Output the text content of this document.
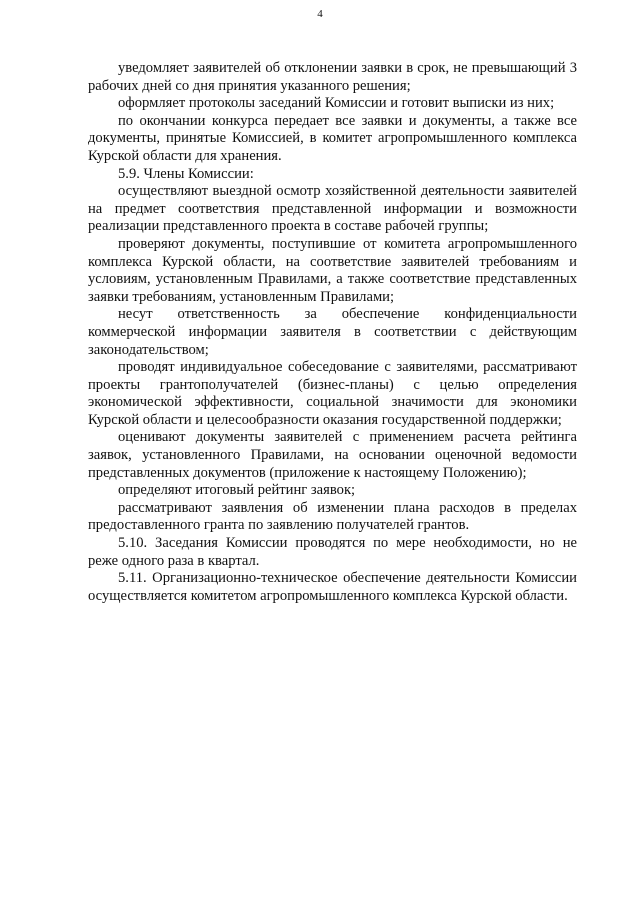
4

уведомляет заявителей об отклонении заявки в срок, не превышающий 3 рабочих дней со дня принятия указанного решения;

оформляет протоколы заседаний Комиссии и готовит выписки из них;

по окончании конкурса передает все заявки и документы, а также все документы, принятые Комиссией, в комитет агропромышленного комплекса Курской области для хранения.

5.9. Члены Комиссии:

осуществляют выездной осмотр хозяйственной деятельности заявителей на предмет соответствия представленной информации и возможности реализации представленного проекта в составе рабочей группы;

проверяют документы, поступившие от комитета агропромышленного комплекса Курской области, на соответствие заявителей требованиям и условиям, установленным Правилами, а также соответствие представленных заявки требованиям, установленным Правилами;

несут ответственность за обеспечение конфиденциальности коммерческой информации заявителя в соответствии с действующим законодательством;

проводят индивидуальное собеседование с заявителями, рассматривают проекты грантополучателей (бизнес-планы) с целью определения экономической эффективности, социальной значимости для экономики Курской области и целесообразности оказания государственной поддержки;

оценивают документы заявителей с применением расчета рейтинга заявок, установленного Правилами, на основании оценочной ведомости представленных документов (приложение к настоящему Положению);

определяют итоговый рейтинг заявок;

рассматривают заявления об изменении плана расходов в пределах предоставленного гранта по заявлению получателей грантов.

5.10. Заседания Комиссии проводятся по мере необходимости, но не реже одного раза в квартал.

5.11. Организационно-техническое обеспечение деятельности Комиссии осуществляется комитетом агропромышленного комплекса Курской области.
